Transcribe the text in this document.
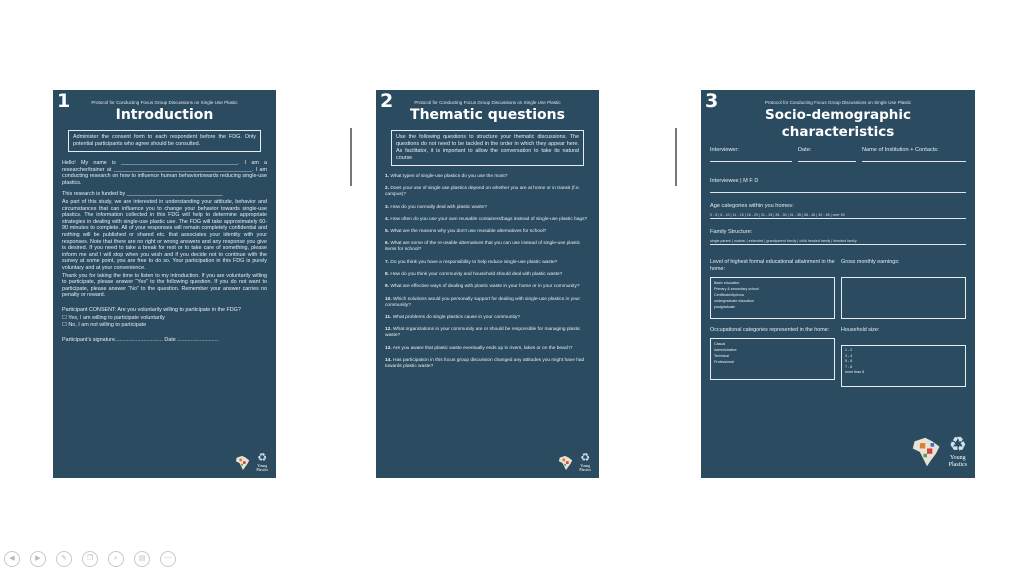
1	Protocol for Conducting Focus Group Discussions on Single Use Plastic
Introduction
Administer the consent form to each respondent before the FDG. Only potential participants who agree should be consulted.

Hello! My name is _______________________________________. I am a researcher/trainer at ______________________________________________. I am conducting research on how to influence human behaviortowards reducing single-use plastics.

This research is funded by ________________________________

As part of this study, we are interested in understanding your attitude, behavior and circumstances that can influence you to change your behavior towards single-use plastics. The information collected in this FDG will help to determine appropriate strategies in dealing with single-use plastic use. The FDG will take approximately 60-90 minutes to complete. All of your responses will remain completely confidential and nothing will be published or shared etc. that associates your identity with your responses. Note that there are no right or wrong answers and any response you give is desired. If you need to take a break for rest or to take care of something, please inform me and I will stop when you wish and if you decide not to continue with the survey at some point, you are free to do so. Your participation in this FDG is purely voluntary and at your convenience.

Thank you for taking the time to listen to my introduction. If you are voluntarily willing to participate, please answer “Yes” to the following question. If you do not want to participate, please answer “No” to the question. Remember your answer carries no penalty or reward.

Participant CONSENT: Are you voluntarily willing to participate in the FDG?

☐ Yes, I am willing to participate voluntarily

☐ No, I am not willing to participate

Participant’s signature................................ Date ............................

♻
Young
Plastics
2	Protocol for Conducting Focus Group Discussions on Single Use Plastic
Thematic questions
Use the following questions to structure your thematic discussions. The questions do not need to be tackled in the order in which they appear here. As facilitator, it is important to allow the conversation to take its natural course

1. What types of single-use plastics do you use the most?

2. Does your use of single use plastics depend on whether you are at home or in transit (f.e. campus)?

3. How do you normally deal with plastic waste?

4. How often do you use your own reusable containers/bags instead of single-use plastic bags?

5. What are the reasons why you don’t use reusable alternatives for school?

6. What are some of the re-usable alternatives that you can use instead of single-use plastic items for school?

7. Do you think you have a responsibility to help reduce single-use plastic waste?

8. How do you think your community and household should deal with plastic waste?

9. What are effective ways of dealing with plastic waste in your home or in your community?

10. Which solutions would you personally support for dealing with single-use plastics in your community?

11. What problems do single plastics cause in your community?

12. What organizations in your community are or should be responsible for managing plastic waste?

13. Are you aware that plastic waste eventually ends up in rivers, lakes or on the beach?

14. Has participation in this focus group discussion changed any attitudes you might have had towards plastic waste?

♻
Young
Plastics
3	Protocol for Conducting Focus Group Discussions on Single Use Plastic
Socio-demographic
characteristics
Interviewer:	Date:	Name of Institution + Contacts:
Interviewee | M F D
Age categories within you homes:
0 - 5 | 6 - 10 | 11 - 15 | 16 - 20 | 21 - 25 | 26 - 30 | 31 - 35 | 36 - 40 | 40 - 45 | over 50
Family Structure:
single parent | nuclear | extended | grandparent family | child headed family | blended family
Level of highest formal educational attainment in the home:
Basic education
Primary & secondary school
Certificate/diploma
undergraduate education
postgraduate
Gross monthly earnings:
Occupational categories represented in the home:
Casual
Administrative
Technical
Professional
Household size:
1 - 2
3 - 4
5 - 6
7 - 8
more than 8
♻
Young
Plastics
◀	▶	✎	❐	⌕	▤	⋯
